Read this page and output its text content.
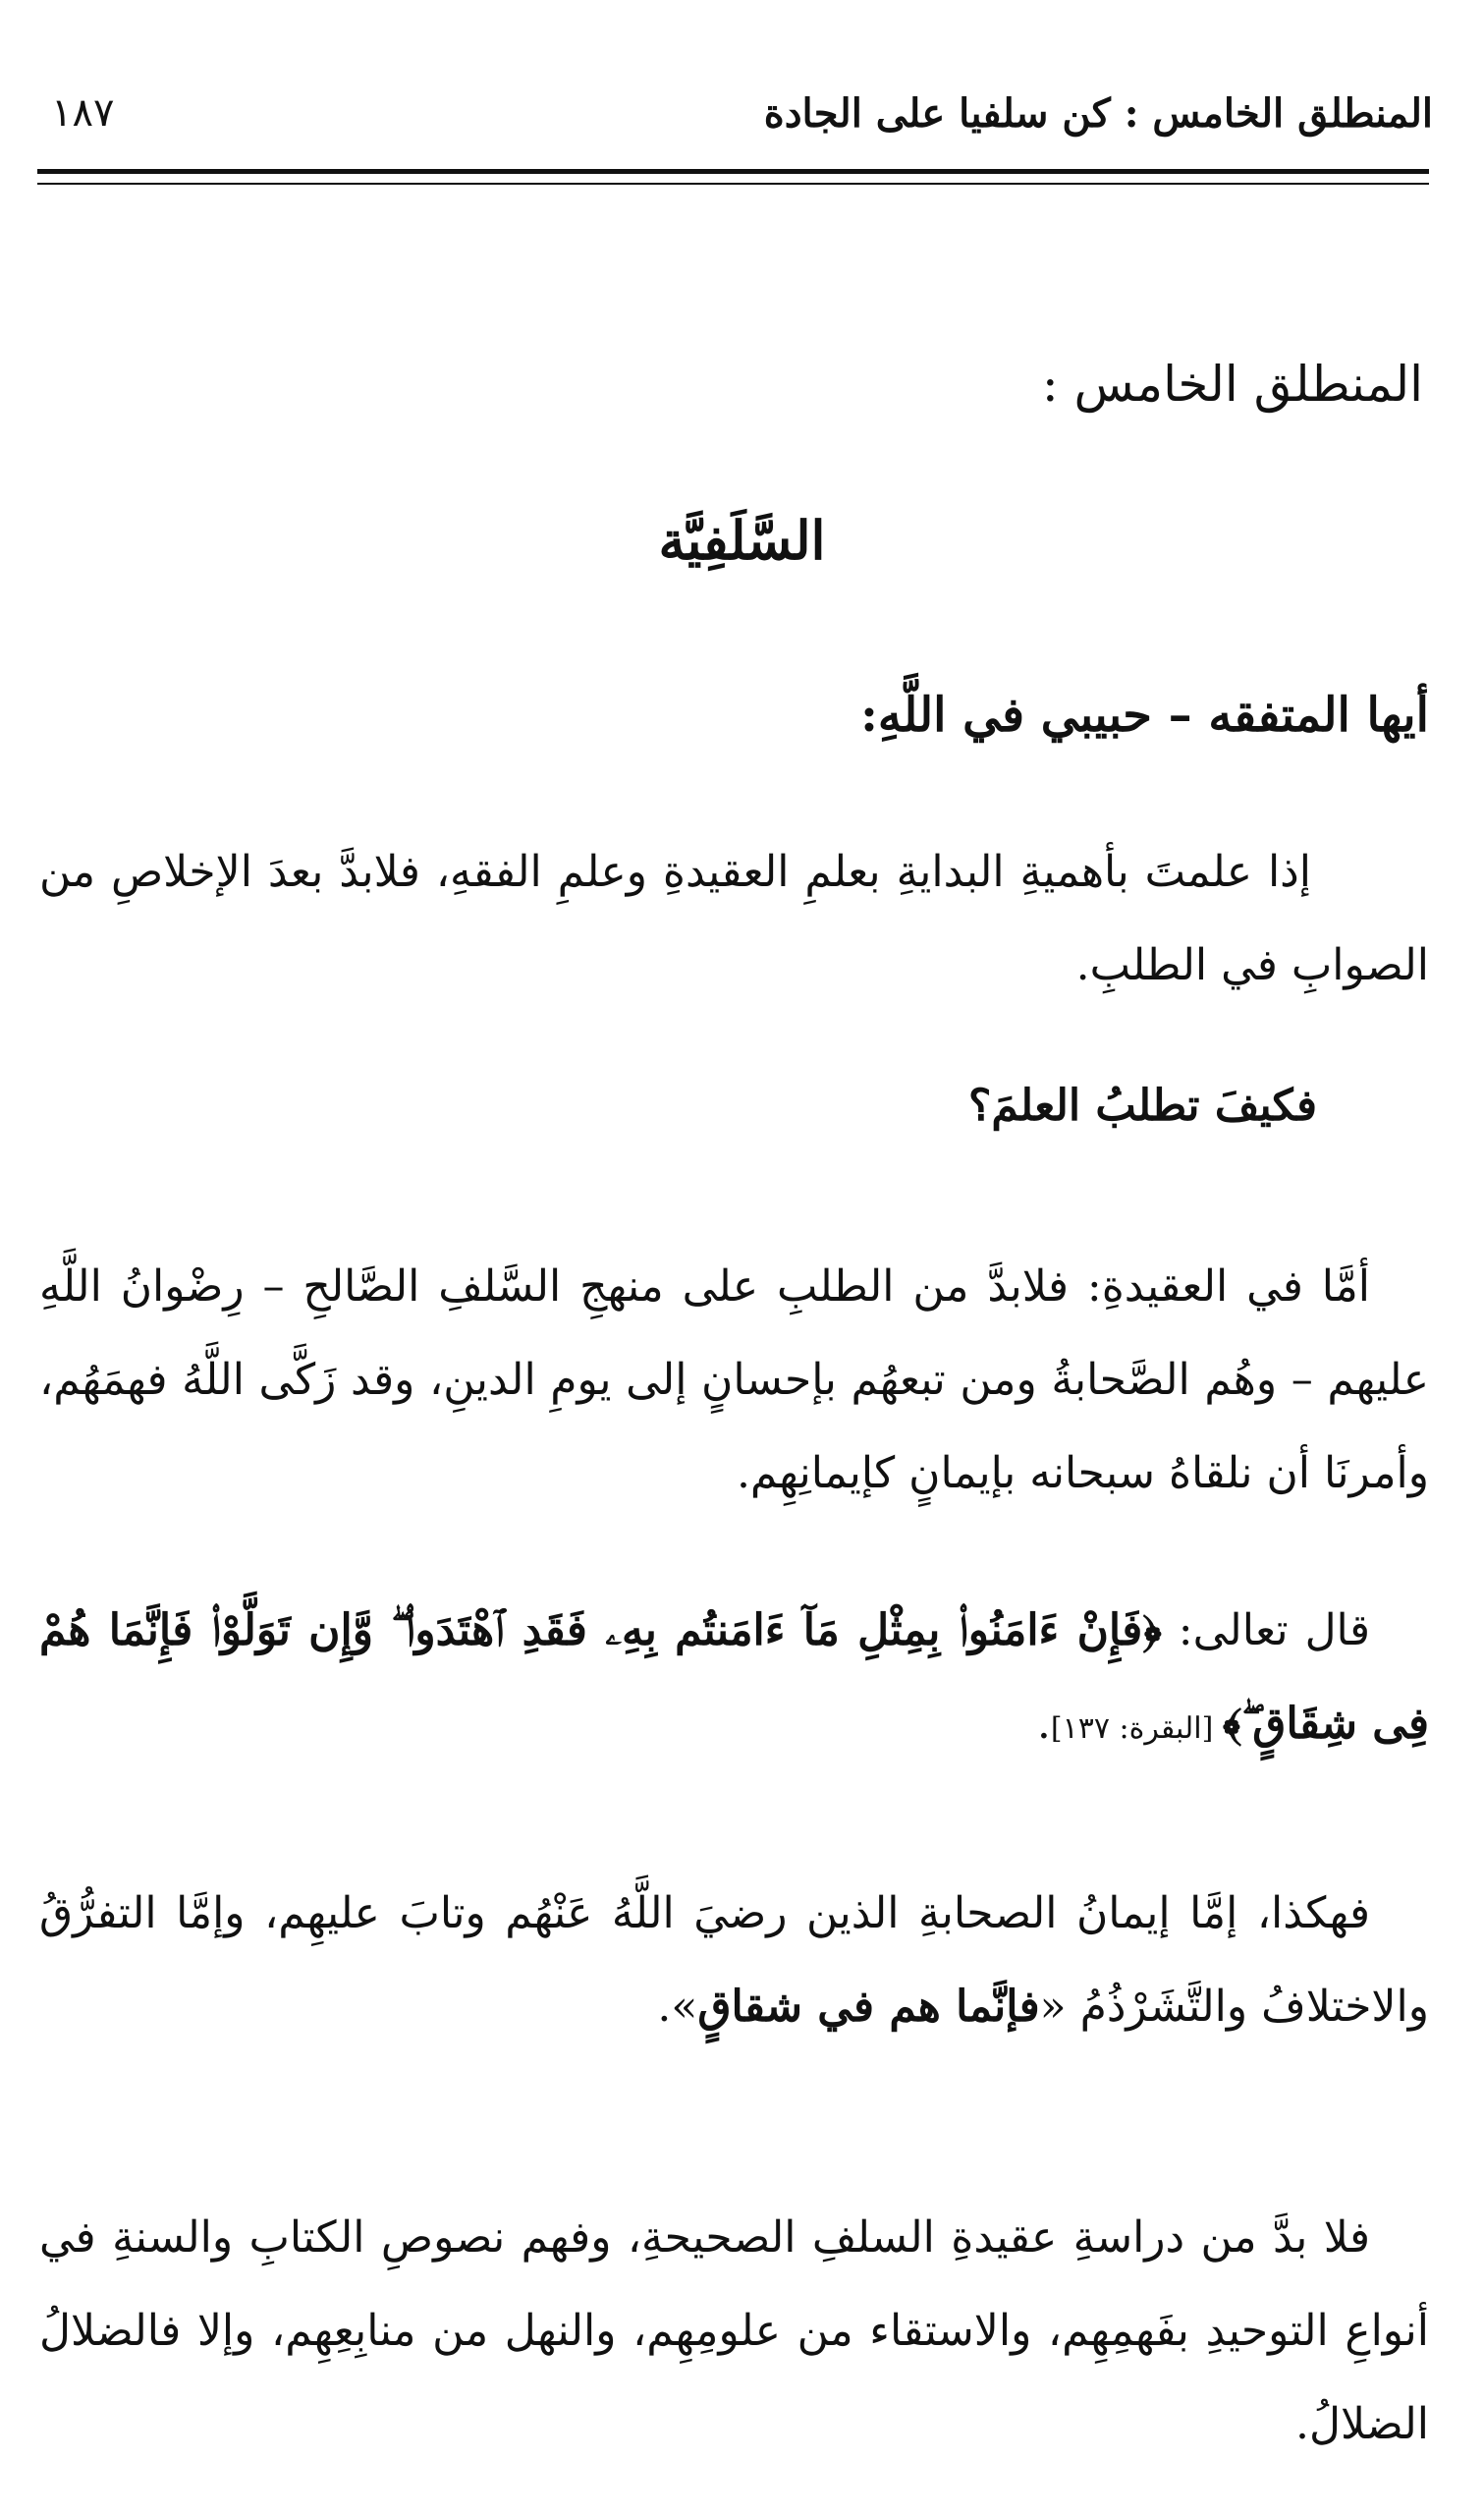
المنطلق الخامس : كن سلفيا على الجادة
١٨٧
المنطلق الخامس :
السَّلَفِيَّة
أيها المتفقه – حبيبي في اللَّهِ:
إذا علمتَ بأهميةِ البدايةِ بعلمِ العقيدةِ وعلمِ الفقهِ، فلابدَّ بعدَ الإخلاصِ من الصوابِ في الطلبِ.
فكيفَ تطلبُ العلمَ؟
أمَّا في العقيدةِ: فلابدَّ من الطلبِ على منهجِ السَّلفِ الصَّالحِ – رِضْوانُ اللَّهِ عليهم – وهُم الصَّحابةُ ومن تبعهُم بإحسانٍ إلى يومِ الدينِ، وقد زَكَّى اللَّهُ فهمَهُم، وأمرنَا أن نلقاهُ سبحانه بإيمانٍ كإيمانِهِم.
قال تعالى: ﴿فَإِنْ ءَامَنُوا۟ بِمِثْلِ مَآ ءَامَنتُم بِهِۦ فَقَدِ ٱهْتَدَوا۟ ۖ وَّإِن تَوَلَّوْا۟ فَإِنَّمَا هُمْ فِى شِقَاقٍ ۖ﴾ [البقرة: ١٣٧].
فهكذا، إمَّا إيمانُ الصحابةِ الذين رضيَ اللَّهُ عَنْهُم وتابَ عليهِم، وإمَّا التفرُّقُ والاختلافُ والتَّشَرْذُمُ «فإنَّما هم في شقاقٍ».
فلا بدَّ من دراسةِ عقيدةِ السلفِ الصحيحةِ، وفهم نصوصِ الكتابِ والسنةِ في أنواعِ التوحيدِ بفَهمِهِم، والاستقاء من علومِهِم، والنهل من منابِعِهِم، وإلا فالضلالُ الضلالُ.
